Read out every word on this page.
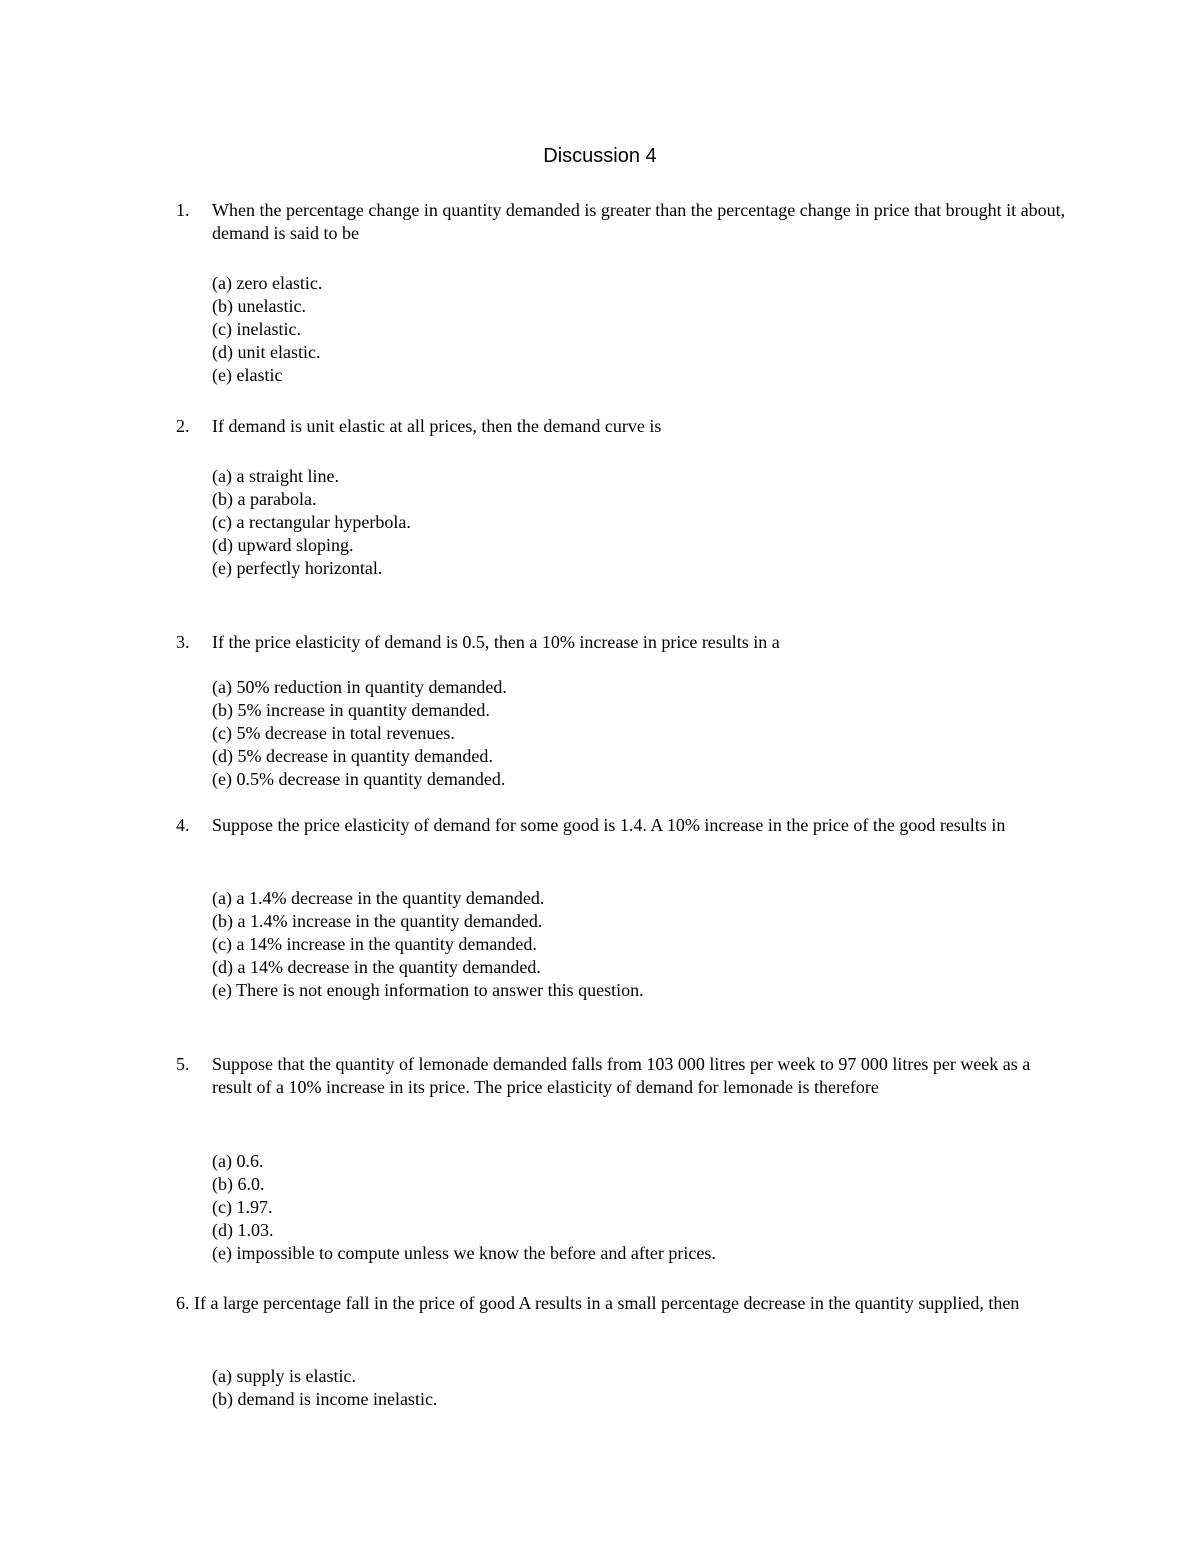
Discussion 4
1. When the percentage change in quantity demanded is greater than the percentage change in price that brought it about, demand is said to be
(a) zero elastic.
(b) unelastic.
(c) inelastic.
(d) unit elastic.
(e) elastic
2. If demand is unit elastic at all prices, then the demand curve is
(a) a straight line.
(b) a parabola.
(c) a rectangular hyperbola.
(d) upward sloping.
(e) perfectly horizontal.
3. If the price elasticity of demand is 0.5, then a 10% increase in price results in a
(a) 50% reduction in quantity demanded.
(b) 5% increase in quantity demanded.
(c) 5% decrease in total revenues.
(d) 5% decrease in quantity demanded.
(e) 0.5% decrease in quantity demanded.
4. Suppose the price elasticity of demand for some good is 1.4. A 10% increase in the price of the good results in
(a) a 1.4% decrease in the quantity demanded.
(b) a 1.4% increase in the quantity demanded.
(c) a 14% increase in the quantity demanded.
(d) a 14% decrease in the quantity demanded.
(e) There is not enough information to answer this question.
5. Suppose that the quantity of lemonade demanded falls from 103 000 litres per week to 97 000 litres per week as a result of a 10% increase in its price. The price elasticity of demand for lemonade is therefore
(a) 0.6.
(b) 6.0.
(c) 1.97.
(d) 1.03.
(e) impossible to compute unless we know the before and after prices.
6. If a large percentage fall in the price of good A results in a small percentage decrease in the quantity supplied, then
(a) supply is elastic.
(b) demand is income inelastic.
